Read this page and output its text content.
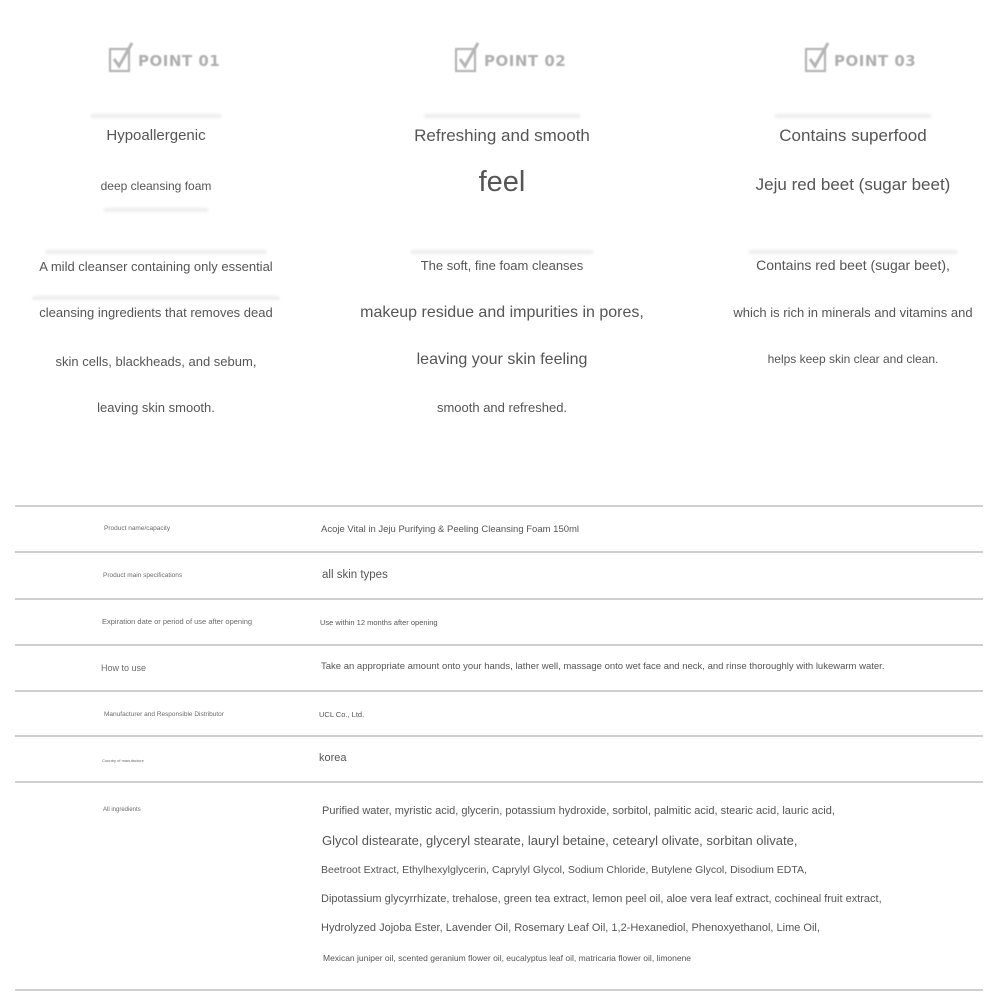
POINT 01
▬▬▬▬▬▬▬▬▬▬
Hypoallergenic
deep cleansing foam
▬▬▬▬▬▬▬▬
▬▬▬▬▬▬▬▬▬▬▬▬▬▬▬▬▬
A mild cleanser containing only essential
▬▬▬▬▬▬▬▬▬▬▬▬▬▬▬▬▬▬▬
cleansing ingredients that removes dead
skin cells, blackheads, and sebum,
leaving skin smooth.
POINT 02
▬▬▬▬▬▬▬▬▬▬▬▬
Refreshing and smooth
feel
▬▬▬▬▬▬▬▬▬▬▬▬▬▬
The soft, fine foam cleanses
makeup residue and impurities in pores,
leaving your skin feeling
smooth and refreshed.
POINT 03
▬▬▬▬▬▬▬▬▬▬▬▬
Contains superfood
Jeju red beet (sugar beet)
▬▬▬▬▬▬▬▬▬▬▬▬▬▬▬▬
Contains red beet (sugar beet),
which is rich in minerals and vitamins and
helps keep skin clear and clean.
Product name/capacity	Acoje Vital in Jeju Purifying & Peeling Cleansing Foam 150ml
Product main specifications	all skin types
Expiration date or period of use after opening	Use within 12 months after opening
How to use	Take an appropriate amount onto your hands, lather well, massage onto wet face and neck, and rinse thoroughly with lukewarm water.
Manufacturer and Responsible Distributor	UCL Co., Ltd.
Country of manufacture	korea
All ingredients	Purified water, myristic acid, glycerin, potassium hydroxide, sorbitol, palmitic acid, stearic acid, lauric acid,
Glycol distearate, glyceryl stearate, lauryl betaine, cetearyl olivate, sorbitan olivate,
Beetroot Extract, Ethylhexylglycerin, Caprylyl Glycol, Sodium Chloride, Butylene Glycol, Disodium EDTA,
Dipotassium glycyrrhizate, trehalose, green tea extract, lemon peel oil, aloe vera leaf extract, cochineal fruit extract,
Hydrolyzed Jojoba Ester, Lavender Oil, Rosemary Leaf Oil, 1,2-Hexanediol, Phenoxyethanol, Lime Oil,
Mexican juniper oil, scented geranium flower oil, eucalyptus leaf oil, matricaria flower oil, limonene
